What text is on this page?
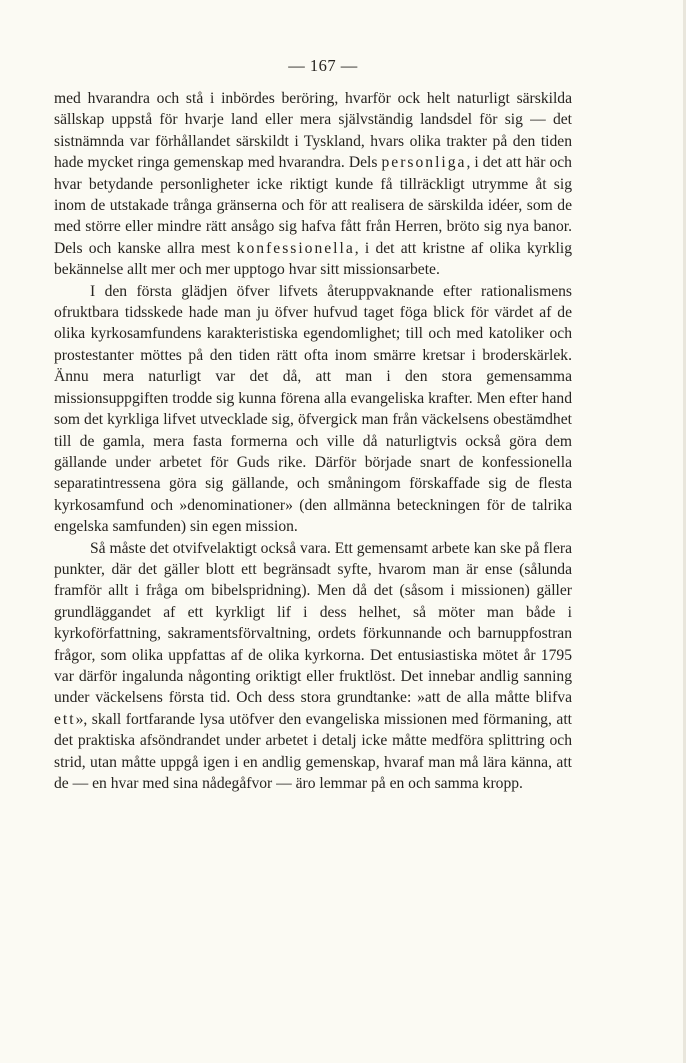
— 167 —

med hvarandra och stå i inbördes beröring, hvarför ock helt naturligt särskilda sällskap uppstå för hvarje land eller mera självständig landsdel för sig — det sistnämnda var förhållandet särskildt i Tyskland, hvars olika trakter på den tiden hade mycket ringa gemenskap med hvarandra. Dels personliga, i det att här och hvar betydande personligheter icke riktigt kunde få tillräckligt utrymme åt sig inom de utstakade trånga gränserna och för att realisera de särskilda idéer, som de med större eller mindre rätt ansågo sig hafva fått från Herren, bröto sig nya banor. Dels och kanske allra mest konfessionella, i det att kristne af olika kyrklig bekännelse allt mer och mer upptogo hvar sitt missionsarbete.

I den första glädjen öfver lifvets återuppvaknande efter rationalismens ofruktbara tidsskede hade man ju öfver hufvud taget föga blick för värdet af de olika kyrkosamfundens karakteristiska egendomlighet; till och med katoliker och prostestanter möttes på den tiden rätt ofta inom smärre kretsar i broderskärlek. Ännu mera naturligt var det då, att man i den stora gemensamma missionsuppgiften trodde sig kunna förena alla evangeliska krafter. Men efter hand som det kyrkliga lifvet utvecklade sig, öfvergick man från väckelsens obestämdhet till de gamla, mera fasta formerna och ville då naturligtvis också göra dem gällande under arbetet för Guds rike. Därför började snart de konfessionella separatintressena göra sig gällande, och småningom förskaffade sig de flesta kyrkosamfund och »denominationer» (den allmänna beteckningen för de talrika engelska samfunden) sin egen mission.

Så måste det otvifvelaktigt också vara. Ett gemensamt arbete kan ske på flera punkter, där det gäller blott ett begränsadt syfte, hvarom man är ense (sålunda framför allt i fråga om bibelspridning). Men då det (såsom i missionen) gäller grundläggandet af ett kyrkligt lif i dess helhet, så möter man både i kyrkoförfattning, sakramentsförvaltning, ordets förkunnande och barnuppfostran frågor, som olika uppfattas af de olika kyrkorna. Det entusiastiska mötet år 1795 var därför ingalunda någonting oriktigt eller fruktlöst. Det innebar andlig sanning under väckelsens första tid. Och dess stora grundtanke: »att de alla måtte blifva ett», skall fortfarande lysa utöfver den evangeliska missionen med förmaning, att det praktiska afsöndrandet under arbetet i detalj icke måtte medföra splittring och strid, utan måtte uppgå igen i en andlig gemenskap, hvaraf man må lära känna, att de — en hvar med sina nådegåfvor — äro lemmar på en och samma kropp.
